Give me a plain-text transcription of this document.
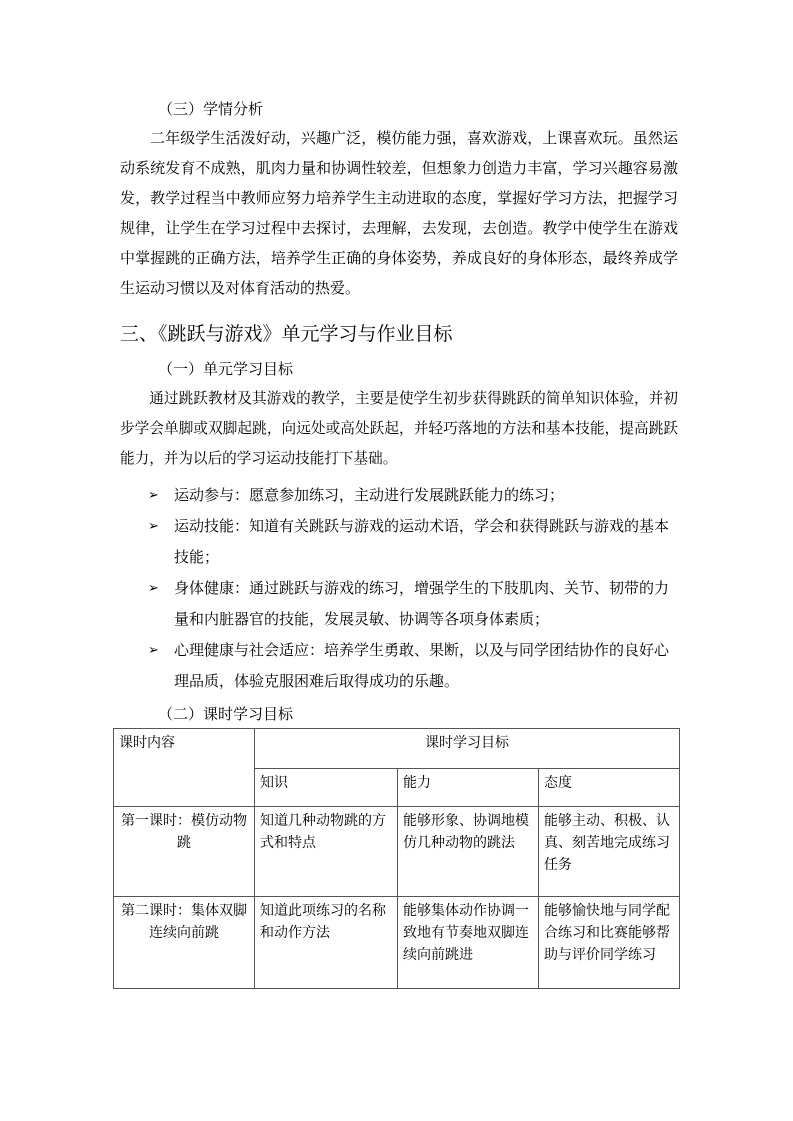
（三）学情分析

二年级学生活泼好动，兴趣广泛，模仿能力强，喜欢游戏，上课喜欢玩。虽然运动系统发育不成熟，肌肉力量和协调性较差，但想象力创造力丰富，学习兴趣容易激发，教学过程当中教师应努力培养学生主动进取的态度，掌握好学习方法，把握学习规律，让学生在学习过程中去探讨，去理解，去发现，去创造。教学中使学生在游戏中掌握跳的正确方法，培养学生正确的身体姿势，养成良好的身体形态，最终养成学生运动习惯以及对体育活动的热爱。

三、《跳跃与游戏》单元学习与作业目标
（一）单元学习目标

通过跳跃教材及其游戏的教学，主要是使学生初步获得跳跃的简单知识体验，并初步学会单脚或双脚起跳，向远处或高处跃起，并轻巧落地的方法和基本技能，提高跳跃能力，并为以后的学习运动技能打下基础。

➢ 运动参与：愿意参加练习，主动进行发展跳跃能力的练习；
➢ 运动技能：知道有关跳跃与游戏的运动术语，学会和获得跳跃与游戏的基本技能；
➢ 身体健康：通过跳跃与游戏的练习，增强学生的下肢肌肉、关节、韧带的力量和内脏器官的技能，发展灵敏、协调等各项身体素质；
➢ 心理健康与社会适应：培养学生勇敢、果断，以及与同学团结协作的良好心理品质，体验克服困难后取得成功的乐趣。
（二）课时学习目标
课时内容	课时学习目标		
	知识	能力	态度
第一课时：模仿动物跳	知道几种动物跳的方式和特点	能够形象、协调地模仿几种动物的跳法	能够主动、积极、认真、刻苦地完成练习任务
第二课时：集体双脚连续向前跳	知道此项练习的名称和动作方法	能够集体动作协调一致地有节奏地双脚连续向前跳进	能够愉快地与同学配合练习和比赛能够帮助与评价同学练习
